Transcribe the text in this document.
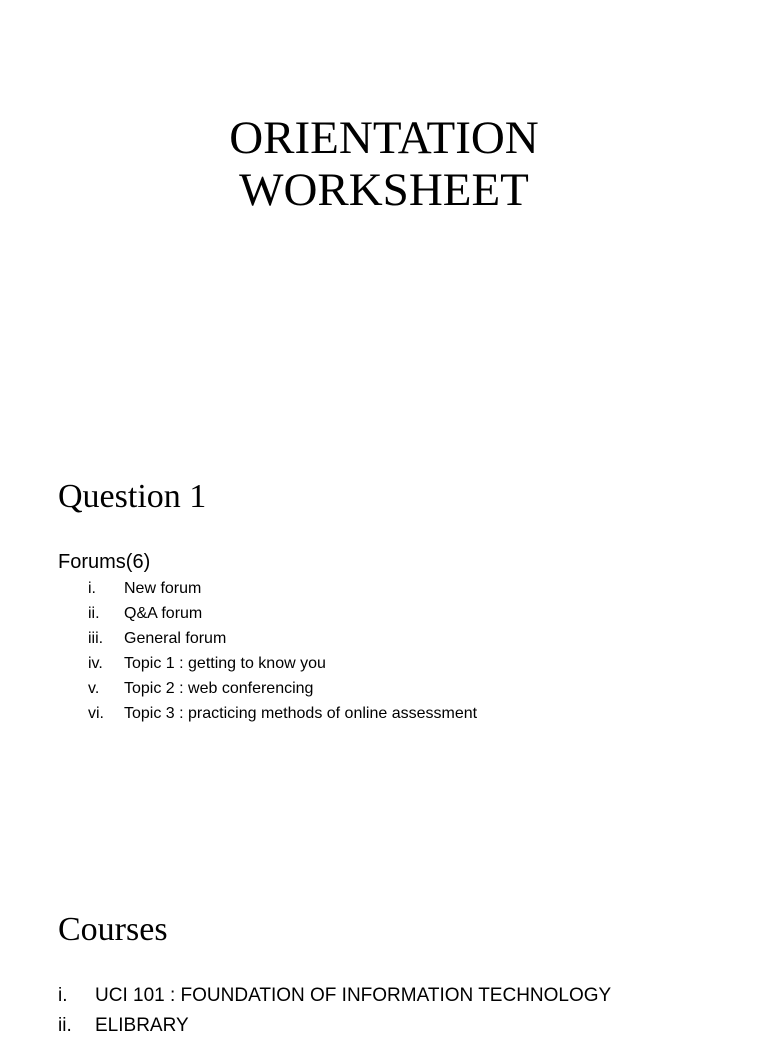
ORIENTATION
WORKSHEET
Question 1
Forums(6)
i.	New forum
ii.	Q&A forum
iii.	General forum
iv.	Topic 1 : getting to know you
v.	Topic 2 : web conferencing
vi.	Topic 3 : practicing methods of online assessment
Courses
i.	UCI 101 : FOUNDATION OF INFORMATION TECHNOLOGY
ii.	ELIBRARY
